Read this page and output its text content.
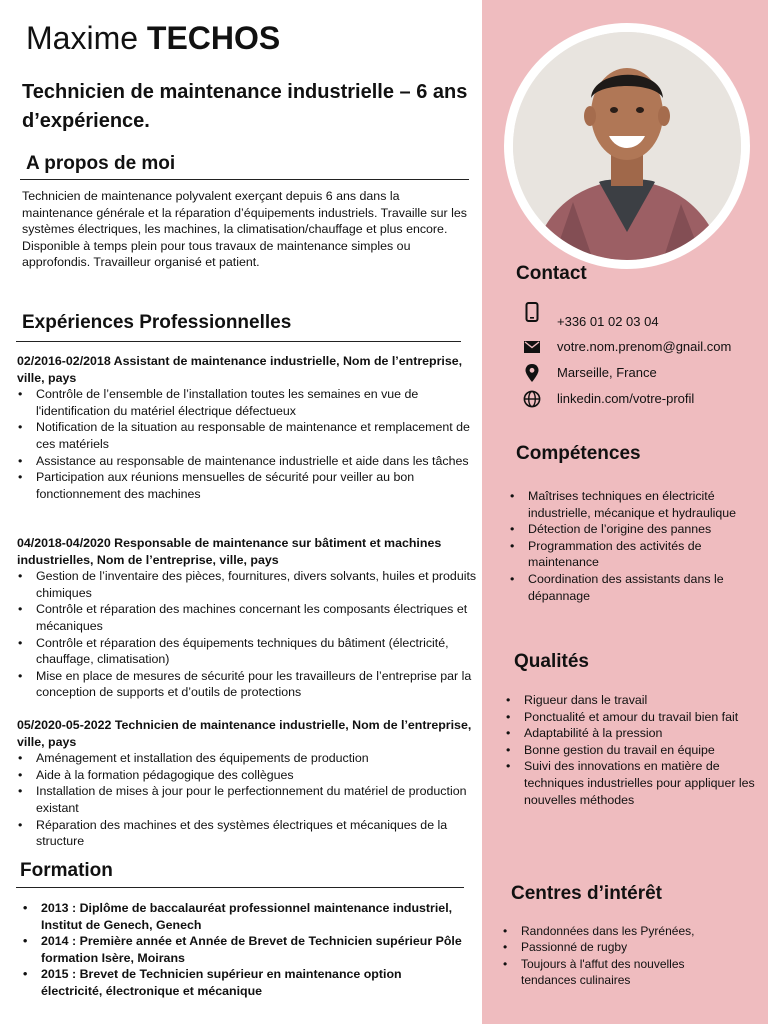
Maxime TECHOS
Technicien de maintenance industrielle – 6 ans d’expérience.
A propos de moi
Technicien de maintenance polyvalent exerçant depuis 6 ans dans la maintenance générale et la réparation d’équipements industriels. Travaille sur les systèmes électriques, les machines, la climatisation/chauffage et plus encore. Disponible à temps plein pour tous travaux de maintenance simples ou approfondis. Travailleur organisé et patient.
Expériences Professionnelles
02/2016-02/2018 Assistant de maintenance industrielle, Nom de l’entreprise, ville, pays
• Contrôle de l’ensemble de l’installation toutes les semaines en vue de l'identification du matériel électrique défectueux
• Notification de la situation au responsable de maintenance et remplacement de ces matériels
• Assistance au responsable de maintenance industrielle et aide dans les tâches
• Participation aux réunions mensuelles de sécurité pour veiller au bon fonctionnement des machines
04/2018-04/2020 Responsable de maintenance sur bâtiment et machines industrielles, Nom de l’entreprise, ville, pays
• Gestion de l’inventaire des pièces, fournitures, divers solvants, huiles et produits chimiques
• Contrôle et réparation des machines concernant les composants électriques et mécaniques
• Contrôle et réparation des équipements techniques du bâtiment (électricité, chauffage, climatisation)
• Mise en place de mesures de sécurité pour les travailleurs de l’entreprise par la conception de supports et d’outils de protections
05/2020-05-2022 Technicien de maintenance industrielle, Nom de l’entreprise, ville, pays
• Aménagement et installation des équipements de production
• Aide à la formation pédagogique des collègues
• Installation de mises à jour pour le perfectionnement du matériel de production existant
• Réparation des machines et des systèmes électriques et mécaniques de la structure
Formation
• 2013 : Diplôme de baccalauréat professionnel maintenance industriel, Institut de Genech, Genech
• 2014 : Première année et Année de Brevet de Technicien supérieur Pôle formation Isère, Moirans
• 2015 : Brevet de Technicien supérieur en maintenance option électricité, électronique et mécanique
Contact
+336 01 02 03 04
votre.nom.prenom@gnail.com
Marseille, France
linkedin.com/votre-profil
Compétences
• Maîtrises techniques en électricité industrielle, mécanique et hydraulique
• Détection de l’origine des pannes
• Programmation des activités de maintenance
• Coordination des assistants dans le dépannage
Qualités
• Rigueur dans le travail
• Ponctualité et amour du travail bien fait
• Adaptabilité à la pression
• Bonne gestion du travail en équipe
• Suivi des innovations en matière de techniques industrielles pour appliquer les nouvelles méthodes
Centres d’intérêt
• Randonnées dans les Pyrénées,
• Passionné de rugby
• Toujours à l'affut des nouvelles tendances culinaires
